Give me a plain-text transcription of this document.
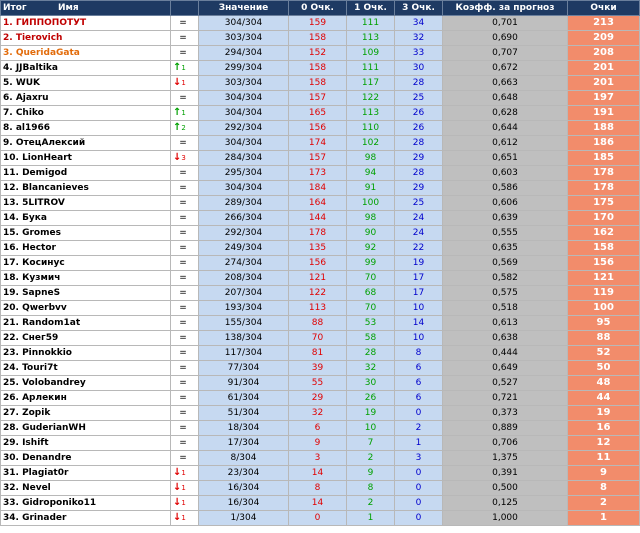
Итог Имя		Значение	0 Очк.	1 Очк.	3 Очк.	Коэфф. за прогноз	Очки
1. ГИППОПОТУТ	=	304/304	159	111	34	0,701	213
2. Tierovich	=	303/304	158	113	32	0,690	209
3. QueridaGata	=	294/304	152	109	33	0,707	208
4. JJBaltika	↑$^1$	299/304	158	111	30	0,672	201
5. WUK	↓$^1$	303/304	158	117	28	0,663	201
6. Ajaxru	=	304/304	157	122	25	0,648	197
7. Chiko	↑$^1$	304/304	165	113	26	0,628	191
8. al1966	↑$^2$	292/304	156	110	26	0,644	188
9. ОтецАлексий	=	304/304	174	102	28	0,612	186
10. LionHeart	↓$^3$	284/304	157	98	29	0,651	185
11. Demigod	=	295/304	173	94	28	0,603	178
12. Blancanieves	=	304/304	184	91	29	0,586	178
13. 5LITROV	=	289/304	164	100	25	0,606	175
14. Бука	=	266/304	144	98	24	0,639	170
15. Gromes	=	292/304	178	90	24	0,555	162
16. Hector	=	249/304	135	92	22	0,635	158
17. Косинус	=	274/304	156	99	19	0,569	156
18. Кузмич	=	208/304	121	70	17	0,582	121
19. SapneS	=	207/304	122	68	17	0,575	119
20. Qwerbvv	=	193/304	113	70	10	0,518	100
21. Random1at	=	155/304	88	53	14	0,613	95
22. Снег59	=	138/304	70	58	10	0,638	88
23. Pinnokkio	=	117/304	81	28	8	0,444	52
24. Touri7t	=	77/304	39	32	6	0,649	50
25. Volobandrey	=	91/304	55	30	6	0,527	48
26. Арлекин	=	61/304	29	26	6	0,721	44
27. Zopik	=	51/304	32	19	0	0,373	19
28. GuderianWH	=	18/304	6	10	2	0,889	16
29. Ishift	=	17/304	9	7	1	0,706	12
30. Denandre	=	8/304	3	2	3	1,375	11
31. Plagiat0r	↓$^1$	23/304	14	9	0	0,391	9
32. Nevel	↓$^1$	16/304	8	8	0	0,500	8
33. Gidroponiko11	↓$^1$	16/304	14	2	0	0,125	2
34. Grinader	↓$^1$	1/304	0	1	0	1,000	1
